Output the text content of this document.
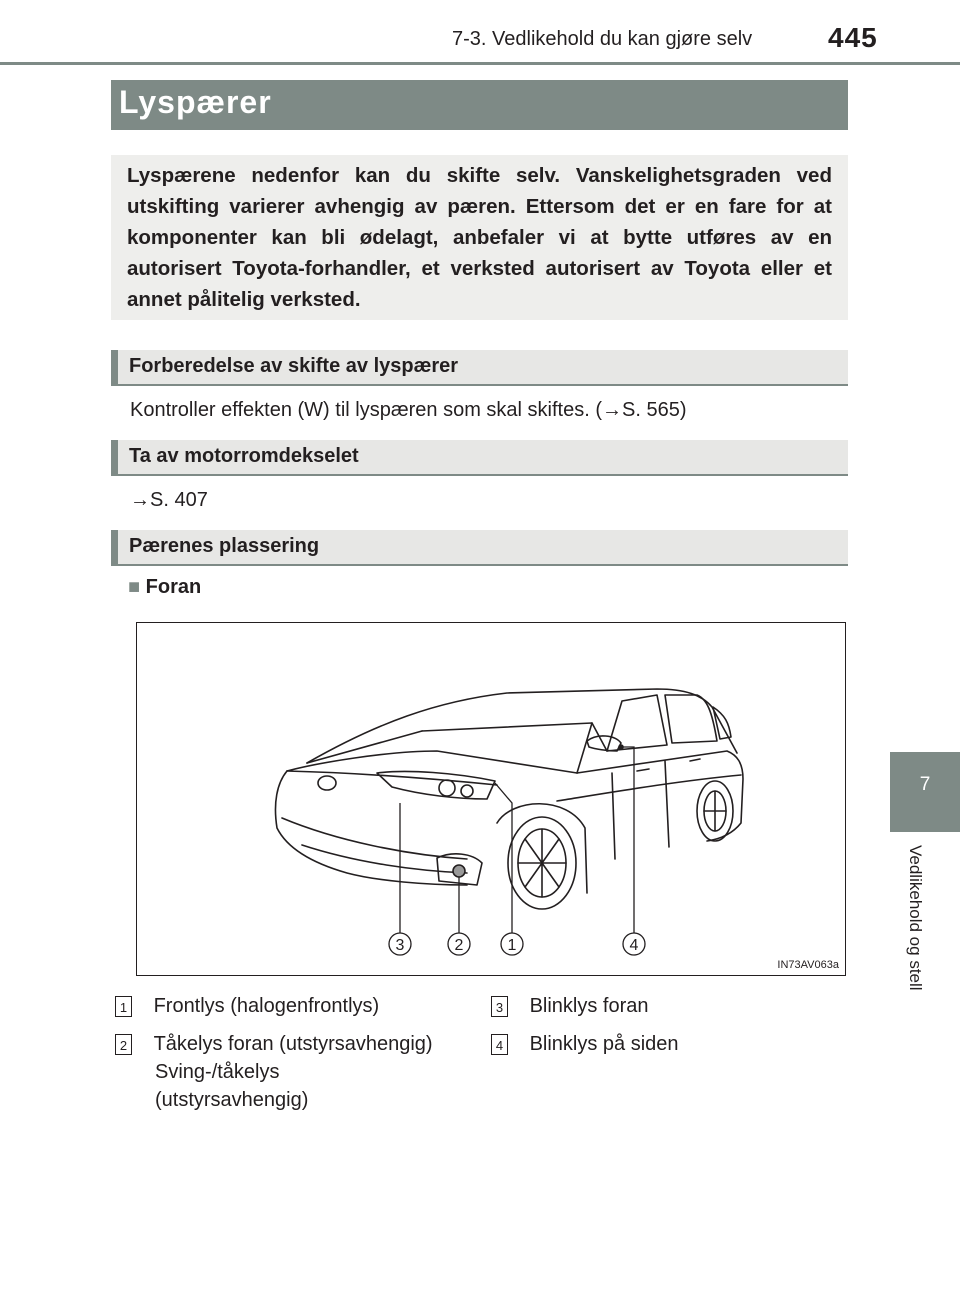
7-3. Vedlikehold du kan gjøre selv	445
7
Vedlikehold og stell
Lyspærer
Lyspærene nedenfor kan du skifte selv. Vanskelighetsgraden ved utskifting varierer avhengig av pæren. Ettersom det er en fare for at komponenter kan bli ødelagt, anbefaler vi at bytte utføres av en autorisert Toyota-forhandler, et verksted autorisert av Toyota eller et annet pålitelig verksted.
Forberedelse av skifte av lyspærer
Kontroller effekten (W) til lyspæren som skal skiftes. (→S. 565)
Ta av motorromdekselet
→S. 407
Pærenes plassering
■ Foran
3	2	1	4
IN73AV063a
1 Frontlys (halogenfrontlys)
2 Tåkelys foran (utstyrsavhengig)
Sving-/tåkelys
(utstyrsavhengig)
3 Blinklys foran
4 Blinklys på siden
